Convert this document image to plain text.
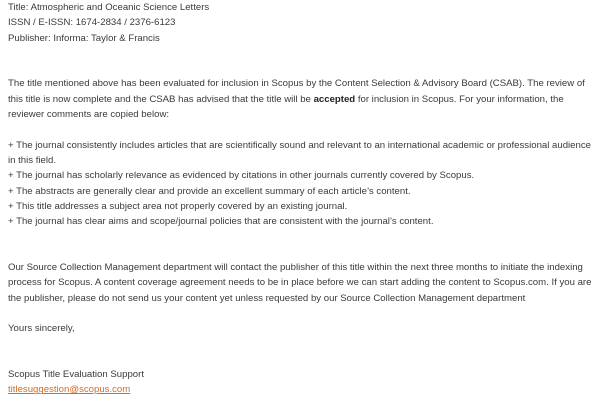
Title: Atmospheric and Oceanic Science Letters
ISSN / E-ISSN: 1674-2834 / 2376-6123
Publisher: Informa: Taylor & Francis
The title mentioned above has been evaluated for inclusion in Scopus by the Content Selection & Advisory Board (CSAB). The review of this title is now complete and the CSAB has advised that the title will be accepted for inclusion in Scopus. For your information, the reviewer comments are copied below:
+ The journal consistently includes articles that are scientifically sound and relevant to an international academic or professional audience in this field.
+ The journal has scholarly relevance as evidenced by citations in other journals currently covered by Scopus.
+ The abstracts are generally clear and provide an excellent summary of each article’s content.
+ This title addresses a subject area not properly covered by an existing journal.
+ The journal has clear aims and scope/journal policies that are consistent with the journal’s content.
Our Source Collection Management department will contact the publisher of this title within the next three months to initiate the indexing process for Scopus. A content coverage agreement needs to be in place before we can start adding the content to Scopus.com. If you are the publisher, please do not send us your content yet unless requested by our Source Collection Management department
Yours sincerely,
Scopus Title Evaluation Support
titlesuggestion@scopus.com
